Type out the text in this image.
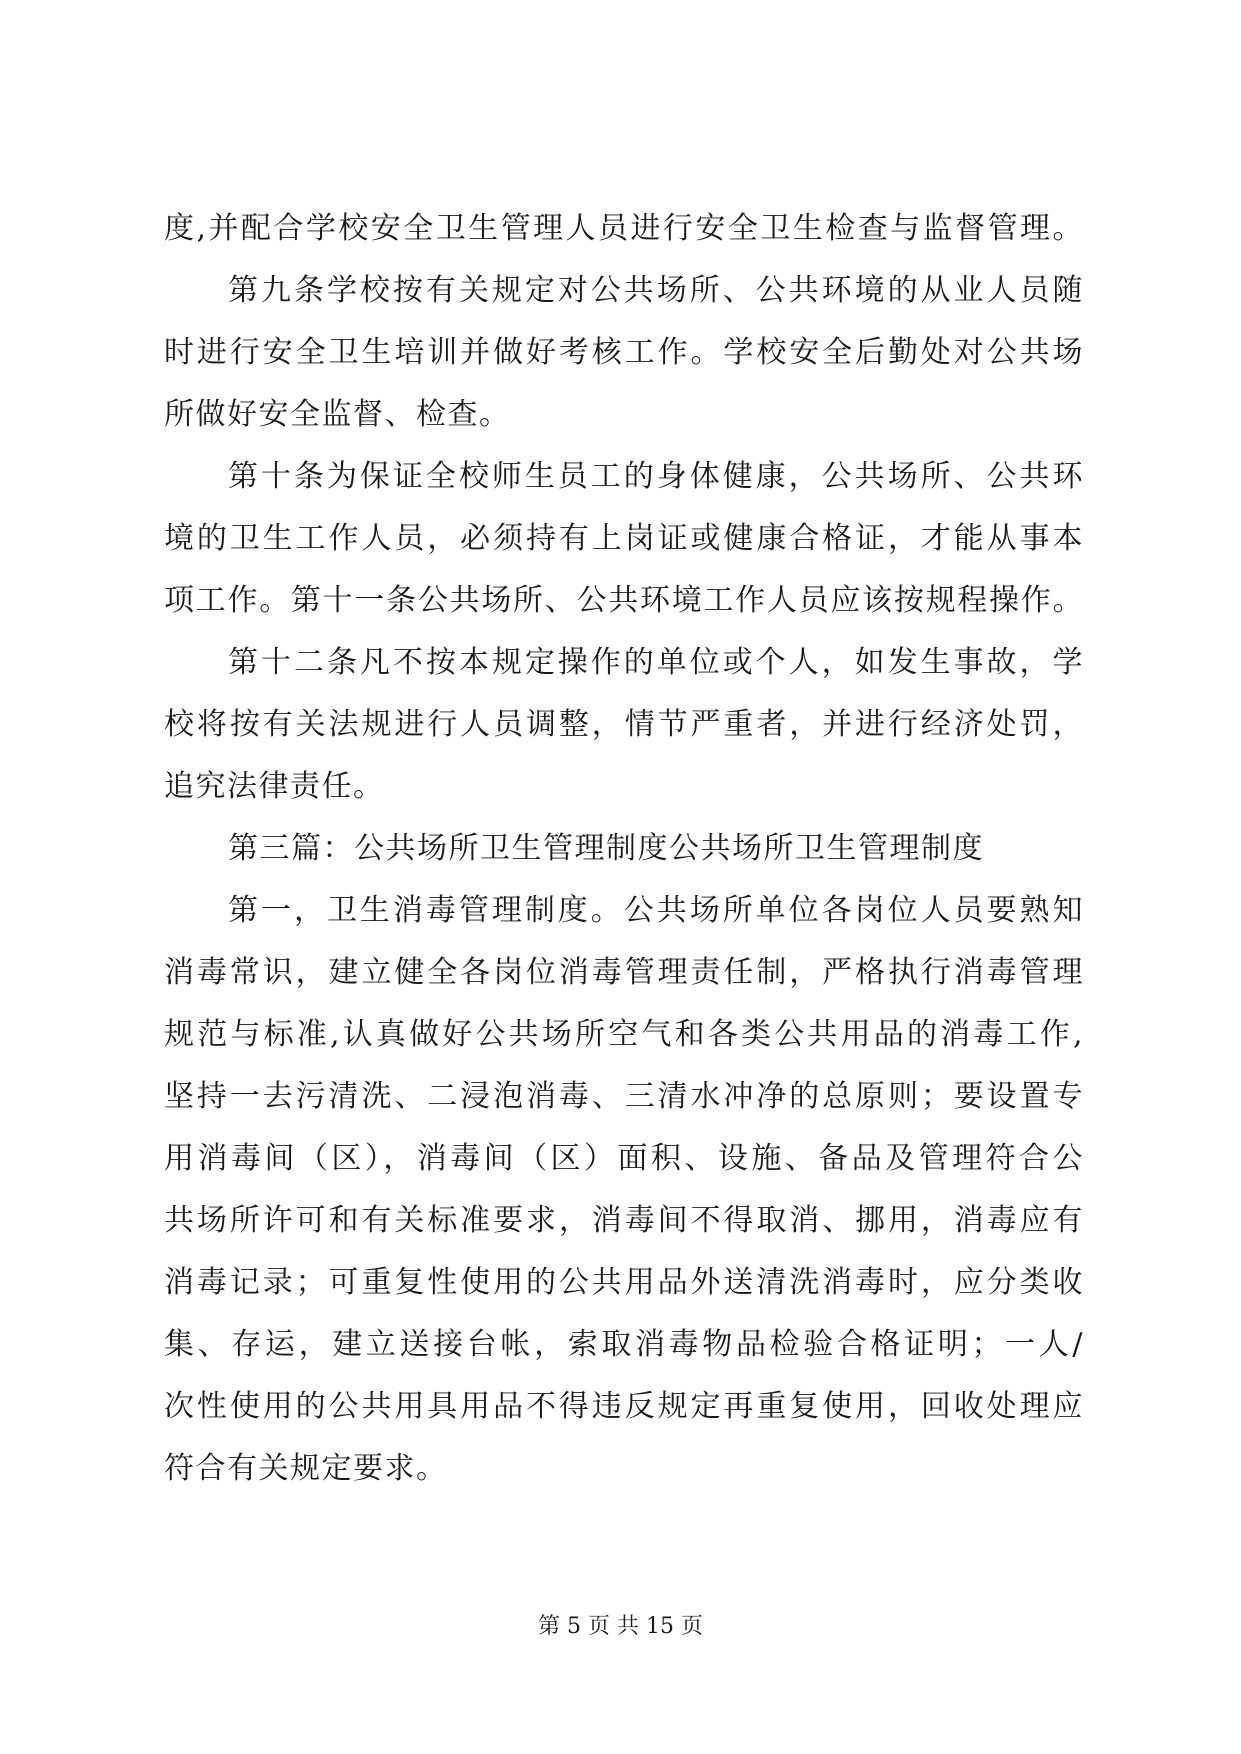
度,并配合学校安全卫生管理人员进行安全卫生检查与监督管理。
第九条学校按有关规定对公共场所、公共环境的从业人员随
时进行安全卫生培训并做好考核工作。学校安全后勤处对公共场
所做好安全监督、检查。
第十条为保证全校师生员工的身体健康，公共场所、公共环
境的卫生工作人员，必须持有上岗证或健康合格证，才能从事本
项工作。第十一条公共场所、公共环境工作人员应该按规程操作。
第十二条凡不按本规定操作的单位或个人，如发生事故，学
校将按有关法规进行人员调整，情节严重者，并进行经济处罚，
追究法律责任。
第三篇：公共场所卫生管理制度公共场所卫生管理制度
第一，卫生消毒管理制度。公共场所单位各岗位人员要熟知
消毒常识，建立健全各岗位消毒管理责任制，严格执行消毒管理
规范与标准,认真做好公共场所空气和各类公共用品的消毒工作,
坚持一去污清洗、二浸泡消毒、三清水冲净的总原则；要设置专
用消毒间（区），消毒间（区）面积、设施、备品及管理符合公
共场所许可和有关标准要求，消毒间不得取消、挪用，消毒应有
消毒记录；可重复性使用的公共用品外送清洗消毒时，应分类收
集、存运，建立送接台帐，索取消毒物品检验合格证明；一人/
次性使用的公共用具用品不得违反规定再重复使用，回收处理应
符合有关规定要求。
第 5 页 共 15 页
